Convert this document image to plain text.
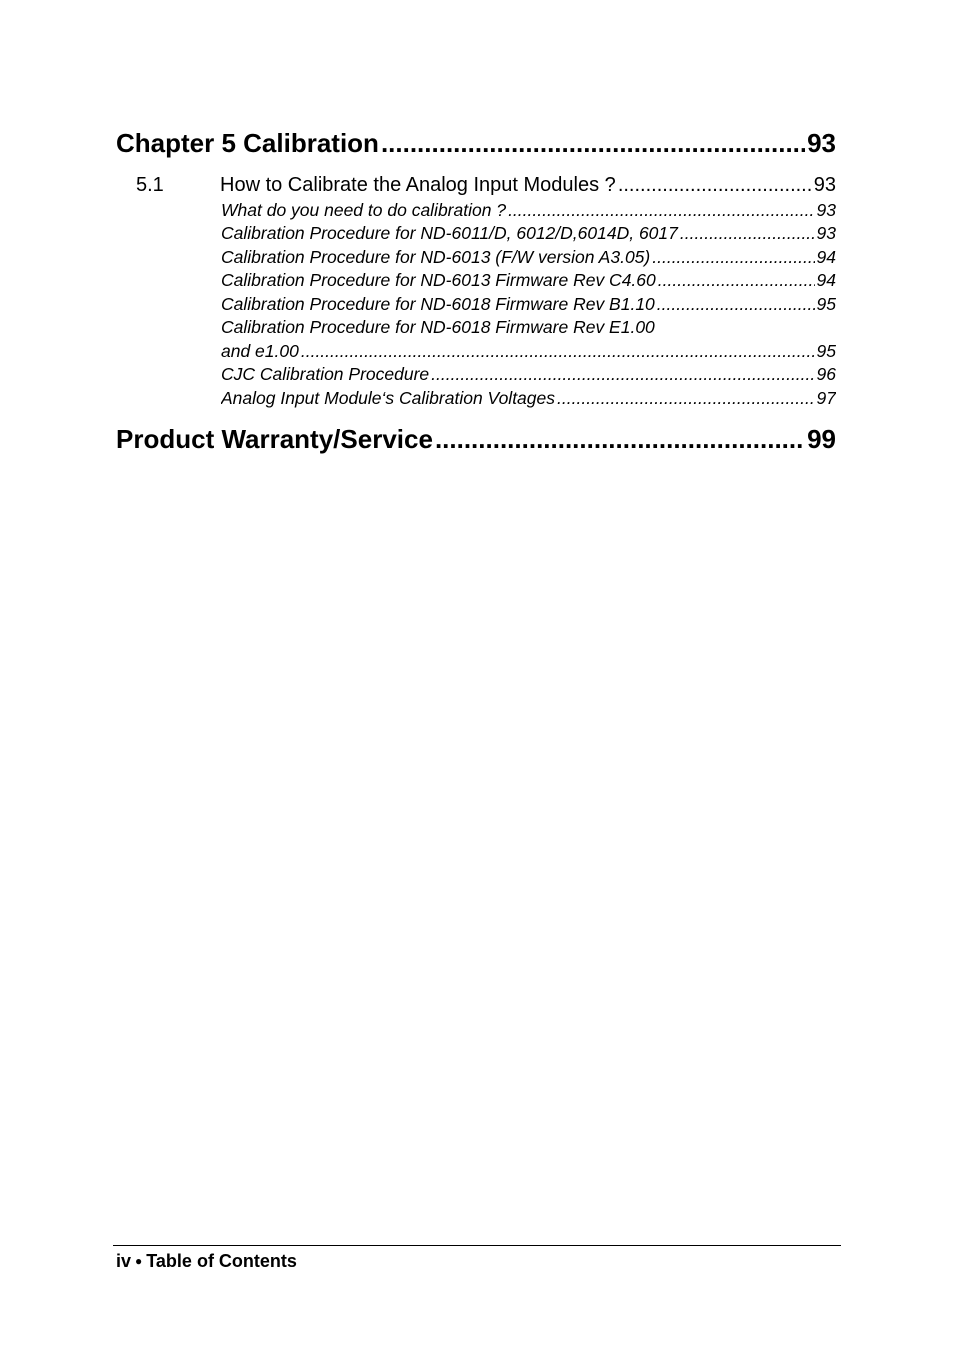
Chapter 5 Calibration .....	93
5.1	How to Calibrate the Analog Input Modules ? .....	93
What do you need to do calibration ? .....	93
Calibration Procedure for ND-6011/D, 6012/D,6014D, 6017 .....	93
Calibration Procedure for ND-6013 (F/W version A3.05) .....	94
Calibration Procedure for ND-6013 Firmware Rev C4.60 .....	94
Calibration Procedure for ND-6018 Firmware Rev B1.10 .....	95
Calibration Procedure for ND-6018 Firmware Rev E1.00
and e1.00 .....	95
CJC Calibration Procedure .....	96
Analog Input Module‘s Calibration Voltages .....	97
Product Warranty/Service .....	99
iv ● Table of Contents
